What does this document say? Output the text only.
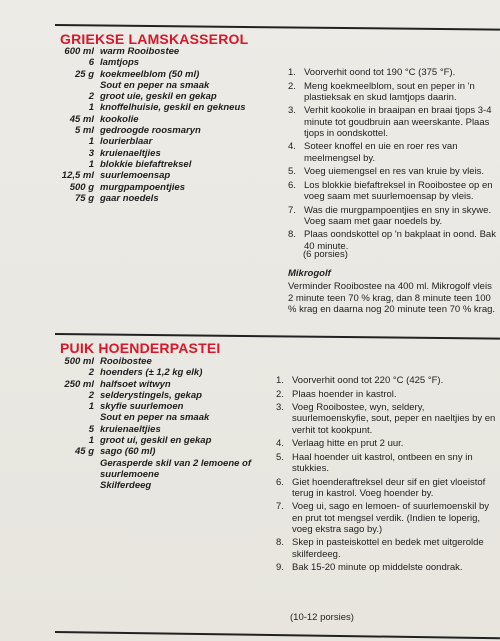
GRIEKSE LAMSKASSEROL
600 ml warm Rooibostee
6 lamtjops
25 g koekmeelblom (50 ml)
Sout en peper na smaak
2 groot uie, geskil en gekap
1 knoffelhuisie, geskil en gekneus
45 ml kookolie
5 ml gedroogde roosmaryn
1 lourierblaar
3 kruienaeltjies
1 blokkie biefaftreksel
12,5 ml suurlemoensap
500 g murgpampoentjies
75 g gaar noedels
1. Voorverhit oond tot 190 °C (375 °F).
2. Meng koekmeelblom, sout en peper in 'n plastieksak en skud lamtjops daarin.
3. Verhit kookolie in braaipan en braai tjops 3-4 minute tot goudbruin aan weerskante. Plaas tjops in oondskottel.
4. Soteer knoffel en uie en roer res van meelmengsel by.
5. Voeg uiemengsel en res van kruie by vleis.
6. Los blokkie biefaftreksel in Rooibostee op en voeg saam met suurlemoensap by vleis.
7. Was die murgpampoentjies en sny in skywe. Voeg saam met gaar noedels by.
8. Plaas oondskottel op 'n bakplaat in oond. Bak 40 minute.
(6 porsies)
Mikrogolf

Verminder Rooibostee na 400 ml. Mikrogolf vleis 2 minute teen 70 % krag, dan 8 minute teen 100 % krag en daarna nog 20 minute teen 70 % krag.

PUIK HOENDERPASTEI
500 ml Rooibostee
2 hoenders (± 1,2 kg elk)
250 ml halfsoet witwyn
2 selderystingels, gekap
1 skyfie suurlemoen
Sout en peper na smaak
5 kruienaeltjies
1 groot ui, geskil en gekap
45 g sago (60 ml)
Gerasperde skil van 2 lemoene of
suurlemoene
Skilferdeeg
1. Voorverhit oond tot 220 °C (425 °F).
2. Plaas hoender in kastrol.
3. Voeg Rooibostee, wyn, seldery, suurlemoenskyfie, sout, peper en naeltjies by en verhit tot kookpunt.
4. Verlaag hitte en prut 2 uur.
5. Haal hoender uit kastrol, ontbeen en sny in stukkies.
6. Giet hoenderaftreksel deur sif en giet vloeistof terug in kastrol. Voeg hoender by.
7. Voeg ui, sago en lemoen- of suurlemoenskil by en prut tot mengsel verdik. (Indien te loperig, voeg ekstra sago by.)
8. Skep in pasteiskottel en bedek met uitgerolde skilferdeeg.
9. Bak 15-20 minute op middelste oondrak.
(10-12 porsies)
